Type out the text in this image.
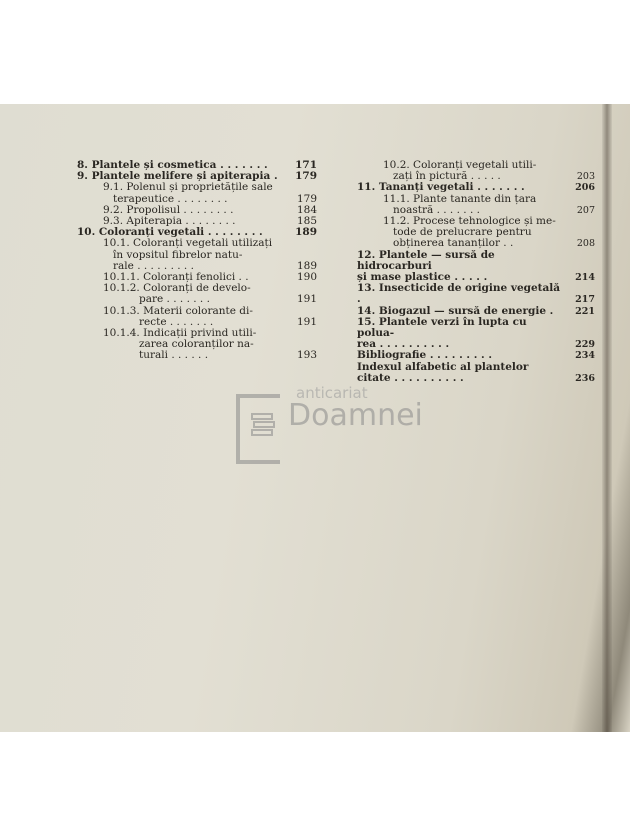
8. Plantele și cosmetica . . . . . . .	171
9. Plantele melifere și apiterapia .	179
9.1. Polenul și proprietățile sale
terapeutice . . . . . . . .	179
9.2. Propolisul . . . . . . . .	184
9.3. Apiterapia . . . . . . . .	185
10. Coloranți vegetali . . . . . . . .	189
10.1. Coloranți vegetali utilizați
în vopsitul fibrelor natu-
rale . . . . . . . . .	189
10.1.1. Coloranți fenolici . .	190
10.1.2. Coloranți de develo-
pare . . . . . . .	191
10.1.3. Materii colorante di-
recte . . . . . . .	191
10.1.4. Indicații privind utili-
zarea coloranților na-
turali . . . . . .	193
10.2. Coloranți vegetali utili-
zați în pictură . . . . .	203
11. Tananți vegetali . . . . . . .	206
11.1. Plante tanante din țara
noastră . . . . . . .	207
11.2. Procese tehnologice și me-
tode de prelucrare pentru
obținerea tananților . .	208
12. Plantele — sursă de hidrocarburi
și mase plastice . . . . .	214
13. Insecticide de origine vegetală .	217
14. Biogazul — sursă de energie .	221
15. Plantele verzi în lupta cu polua-
rea . . . . . . . . . .	229
Bibliografie . . . . . . . . .	234
Indexul alfabetic al plantelor
citate . . . . . . . . . .	236
anticariat
Doamnei
